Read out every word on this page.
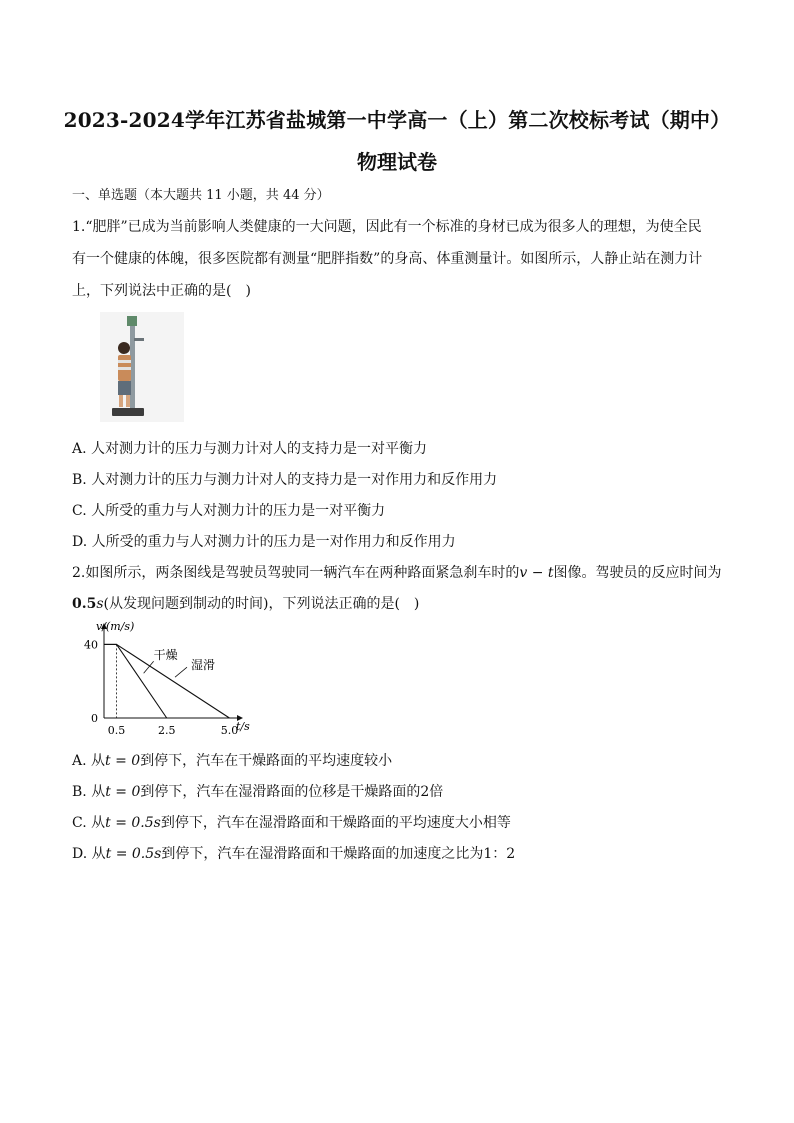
2023-2024学年江苏省盐城第一中学高一（上）第二次校标考试（期中）
物理试卷
一、单选题（本大题共 11 小题，共 44 分）
1.“肥胖”已成为当前影响人类健康的一大问题，因此有一个标准的身材已成为很多人的理想，为使全民
有一个健康的体魄，很多医院都有测量“肥胖指数”的身高、体重测量计。如图所示，人静止站在测力计
上，下列说法中正确的是(　)
A. 人对测力计的压力与测力计对人的支持力是一对平衡力
B. 人对测力计的压力与测力计对人的支持力是一对作用力和反作用力
C. 人所受的重力与人对测力计的压力是一对平衡力
D. 人所受的重力与人对测力计的压力是一对作用力和反作用力
2.如图所示，两条图线是驾驶员驾驶同一辆汽车在两种路面紧急刹车时的v − t图像。驾驶员的反应时间为
0.5s(从发现问题到制动的时间)，下列说法正确的是(　)
v/(m/s)
t/s
0
40
0.5	2.5	5.0
干燥
湿滑
A. 从t = 0到停下，汽车在干燥路面的平均速度较小
B. 从t = 0到停下，汽车在湿滑路面的位移是干燥路面的2倍
C. 从t = 0.5s到停下，汽车在湿滑路面和干燥路面的平均速度大小相等
D. 从t = 0.5s到停下，汽车在湿滑路面和干燥路面的加速度之比为1：2
